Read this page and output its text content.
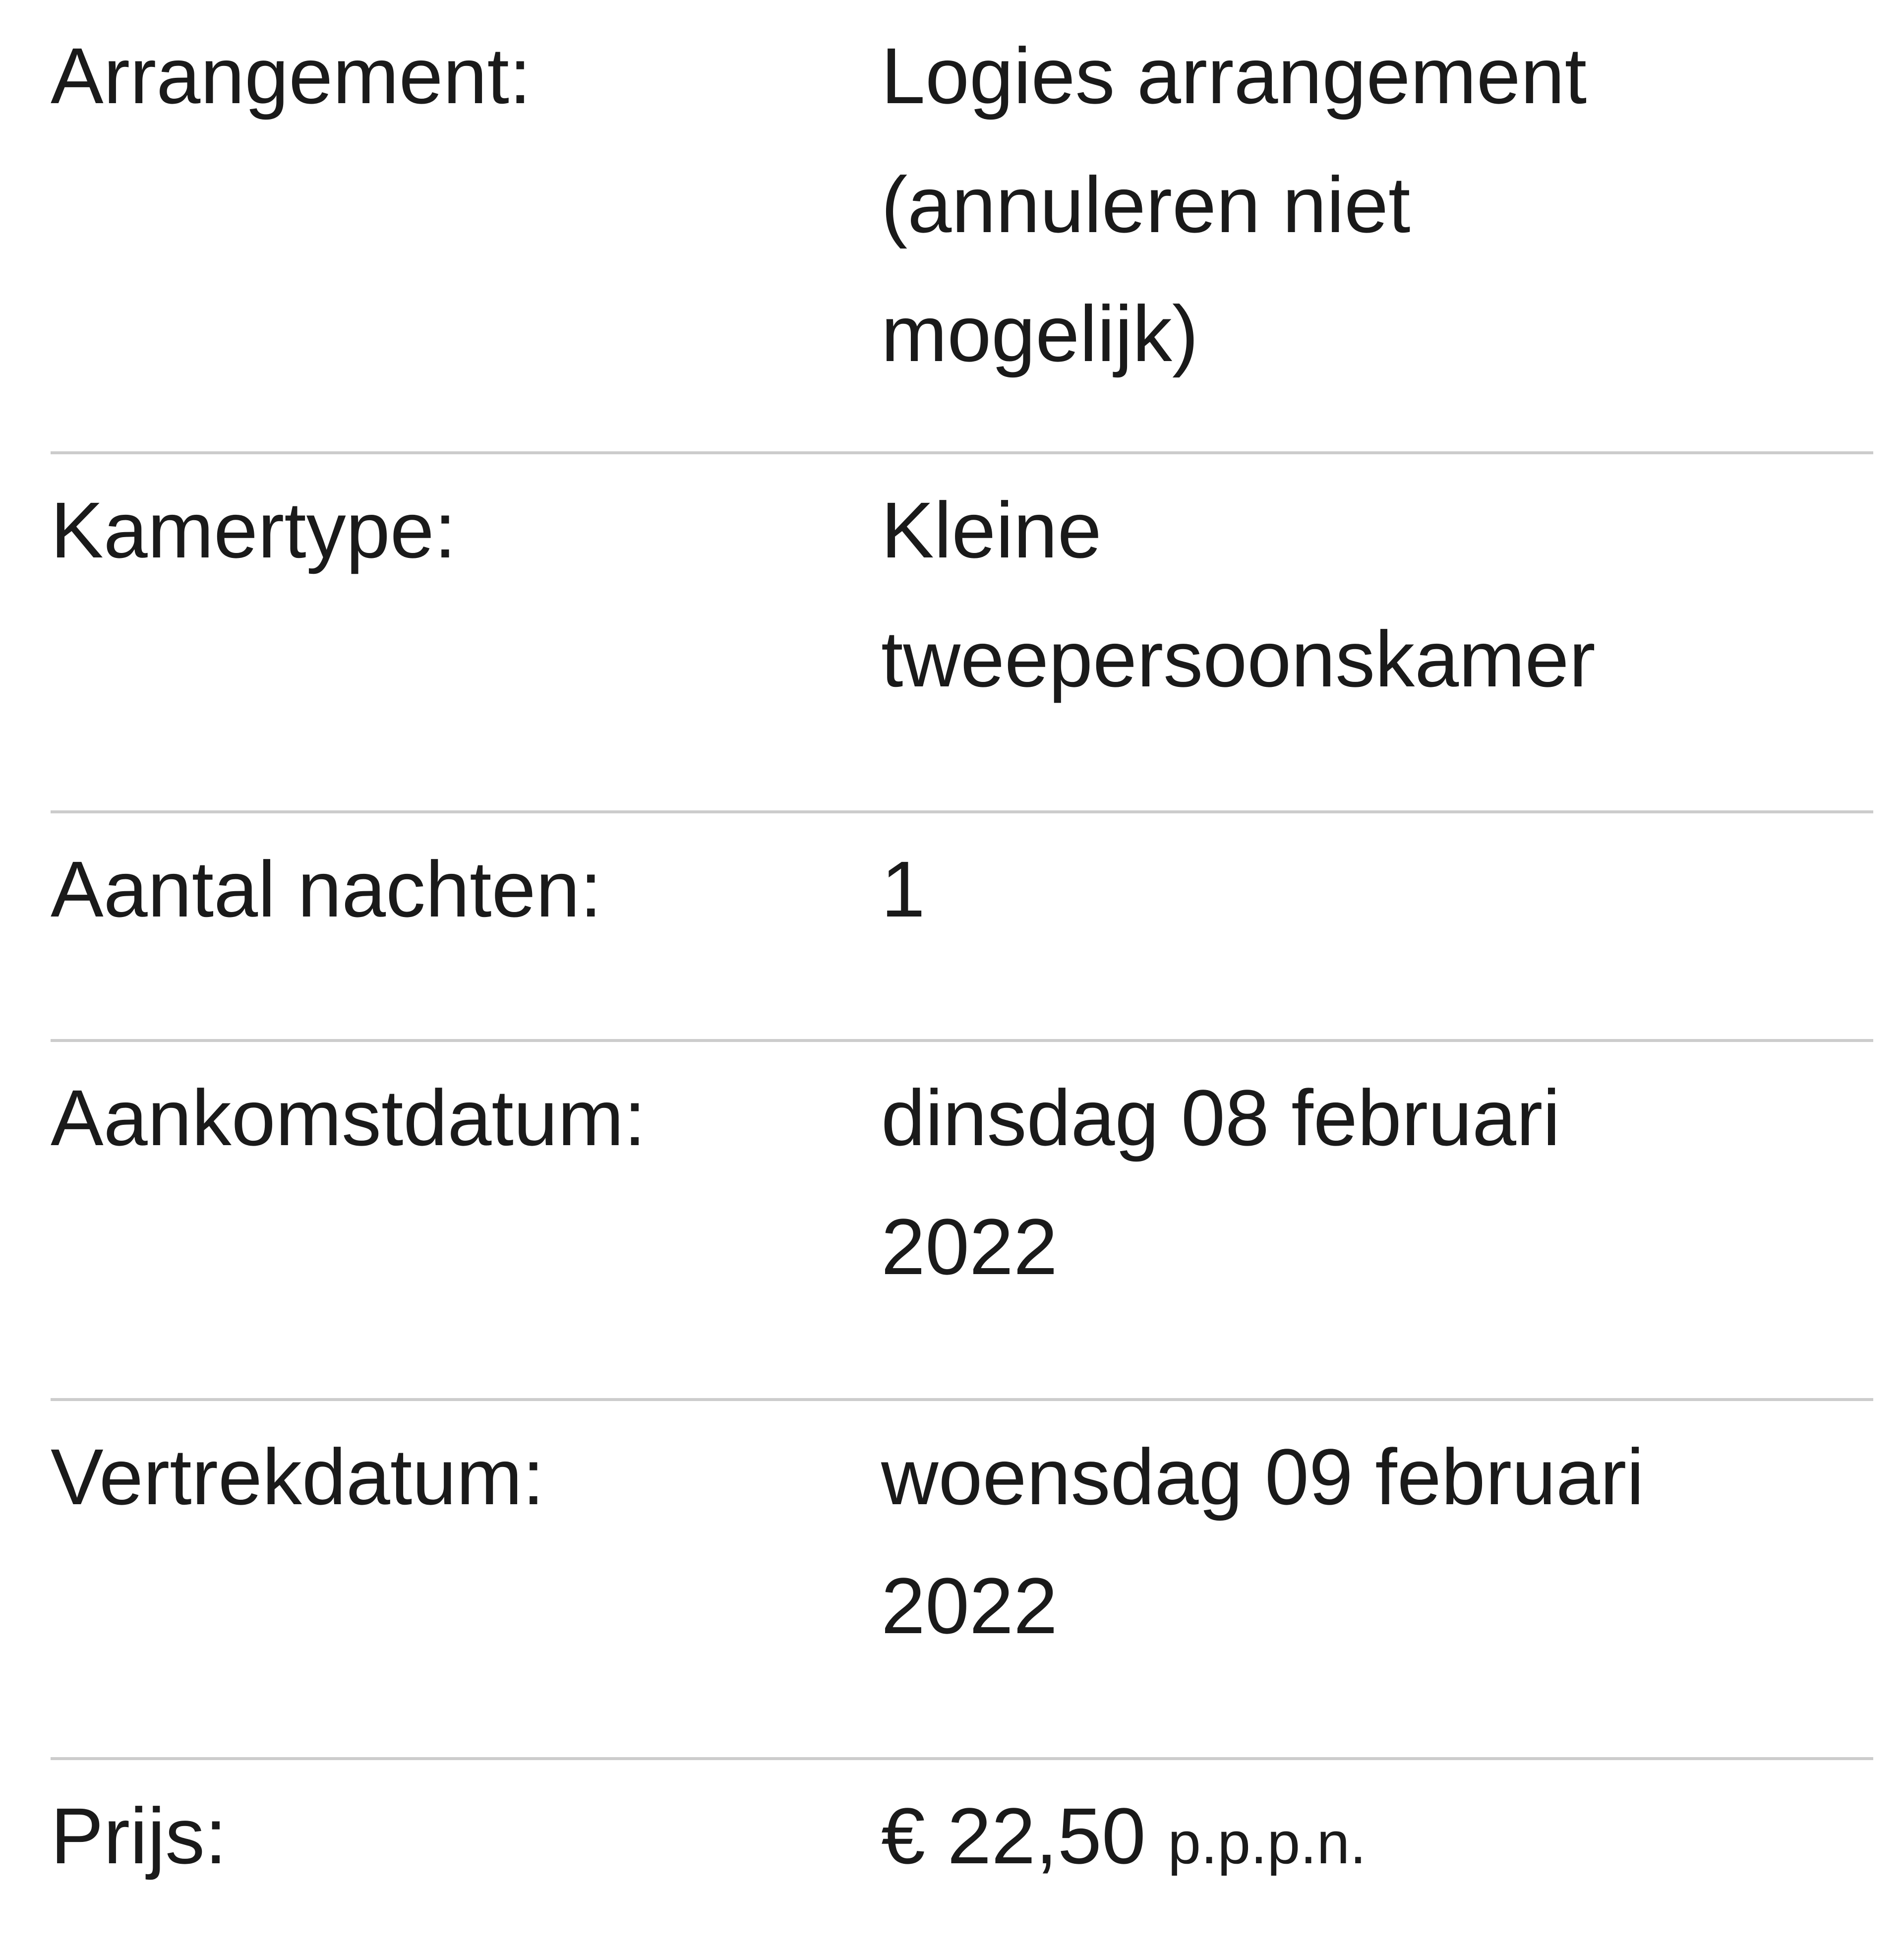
Arrangement:	Logies arrangement
(annuleren niet
mogelijk)
Kamertype:	Kleine
tweepersoonskamer
Aantal nachten:	1
Aankomstdatum:	dinsdag 08 februari
2022
Vertrekdatum:	woensdag 09 februari
2022
Prijs:	€ 22,50 p.p.p.n.
